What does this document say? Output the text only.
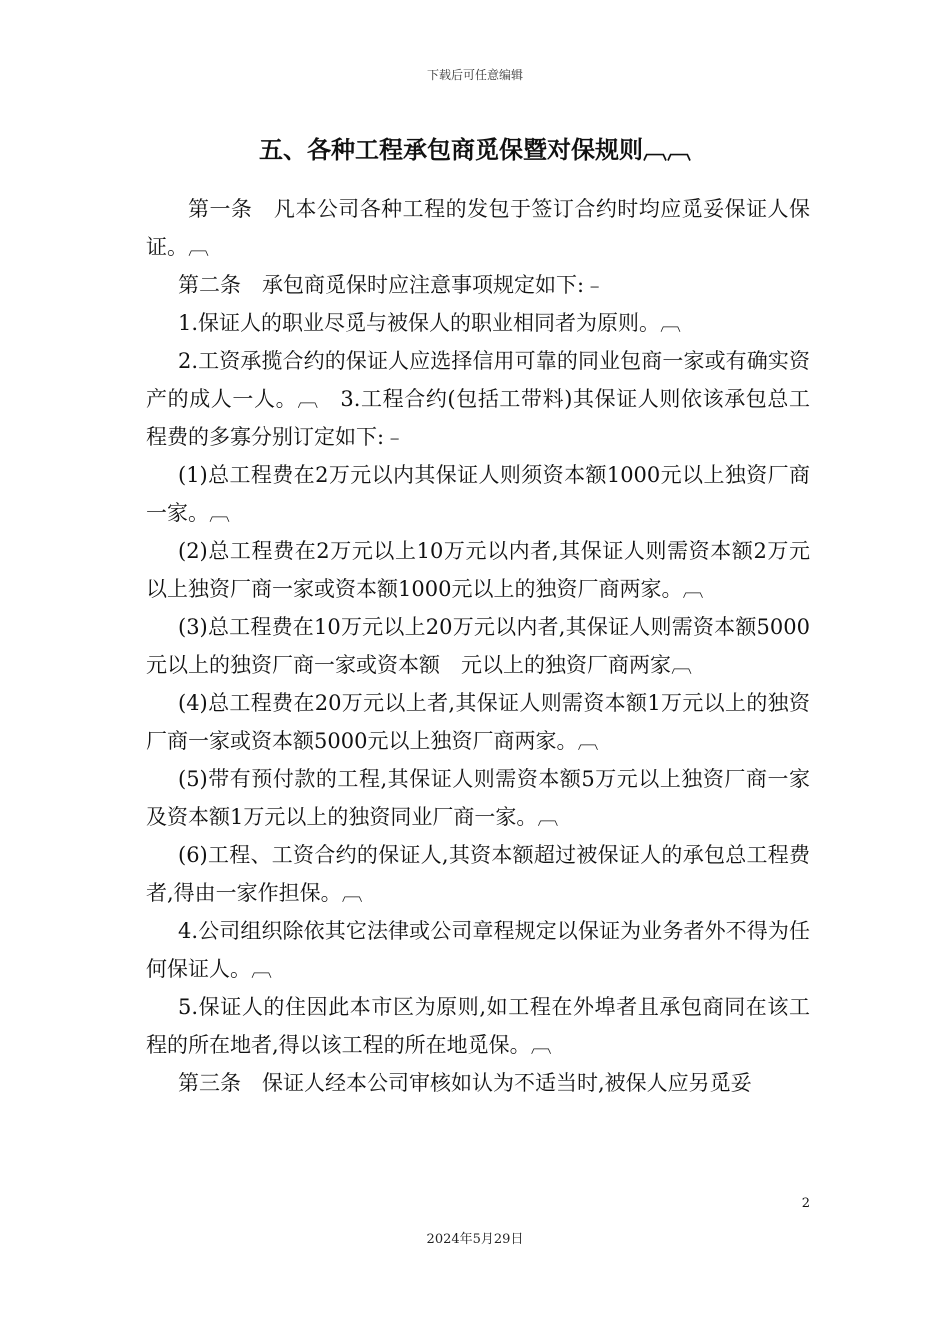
下载后可任意编辑
五、各种工程承包商觅保暨对保规则︹︹

第一条　凡本公司各种工程的发包于签订合约时均应觅妥保证人保证。︹

第二条　承包商觅保时应注意事项规定如下:﹣

1.保证人的职业尽觅与被保人的职业相同者为原则。︹

2.工资承揽合约的保证人应选择信用可靠的同业包商一家或有确实资产的成人一人。︹　3.工程合约(包括工带料)其保证人则依该承包总工程费的多寡分别订定如下:﹣

(1)总工程费在2万元以内其保证人则须资本额1000元以上独资厂商一家。︹

(2)总工程费在2万元以上10万元以内者,其保证人则需资本额2万元以上独资厂商一家或资本额1000元以上的独资厂商两家。︹

(3)总工程费在10万元以上20万元以内者,其保证人则需资本额5000元以上的独资厂商一家或资本额　元以上的独资厂商两家︹

(4)总工程费在20万元以上者,其保证人则需资本额1万元以上的独资厂商一家或资本额5000元以上独资厂商两家。︹

(5)带有预付款的工程,其保证人则需资本额5万元以上独资厂商一家及资本额1万元以上的独资同业厂商一家。︹

(6)工程、工资合约的保证人,其资本额超过被保证人的承包总工程费者,得由一家作担保。︹

4.公司组织除依其它法律或公司章程规定以保证为业务者外不得为任何保证人。︹

5.保证人的住因此本市区为原则,如工程在外埠者且承包商同在该工程的所在地者,得以该工程的所在地觅保。︹

第三条　保证人经本公司审核如认为不适当时,被保人应另觅妥

2
2024年5月29日
